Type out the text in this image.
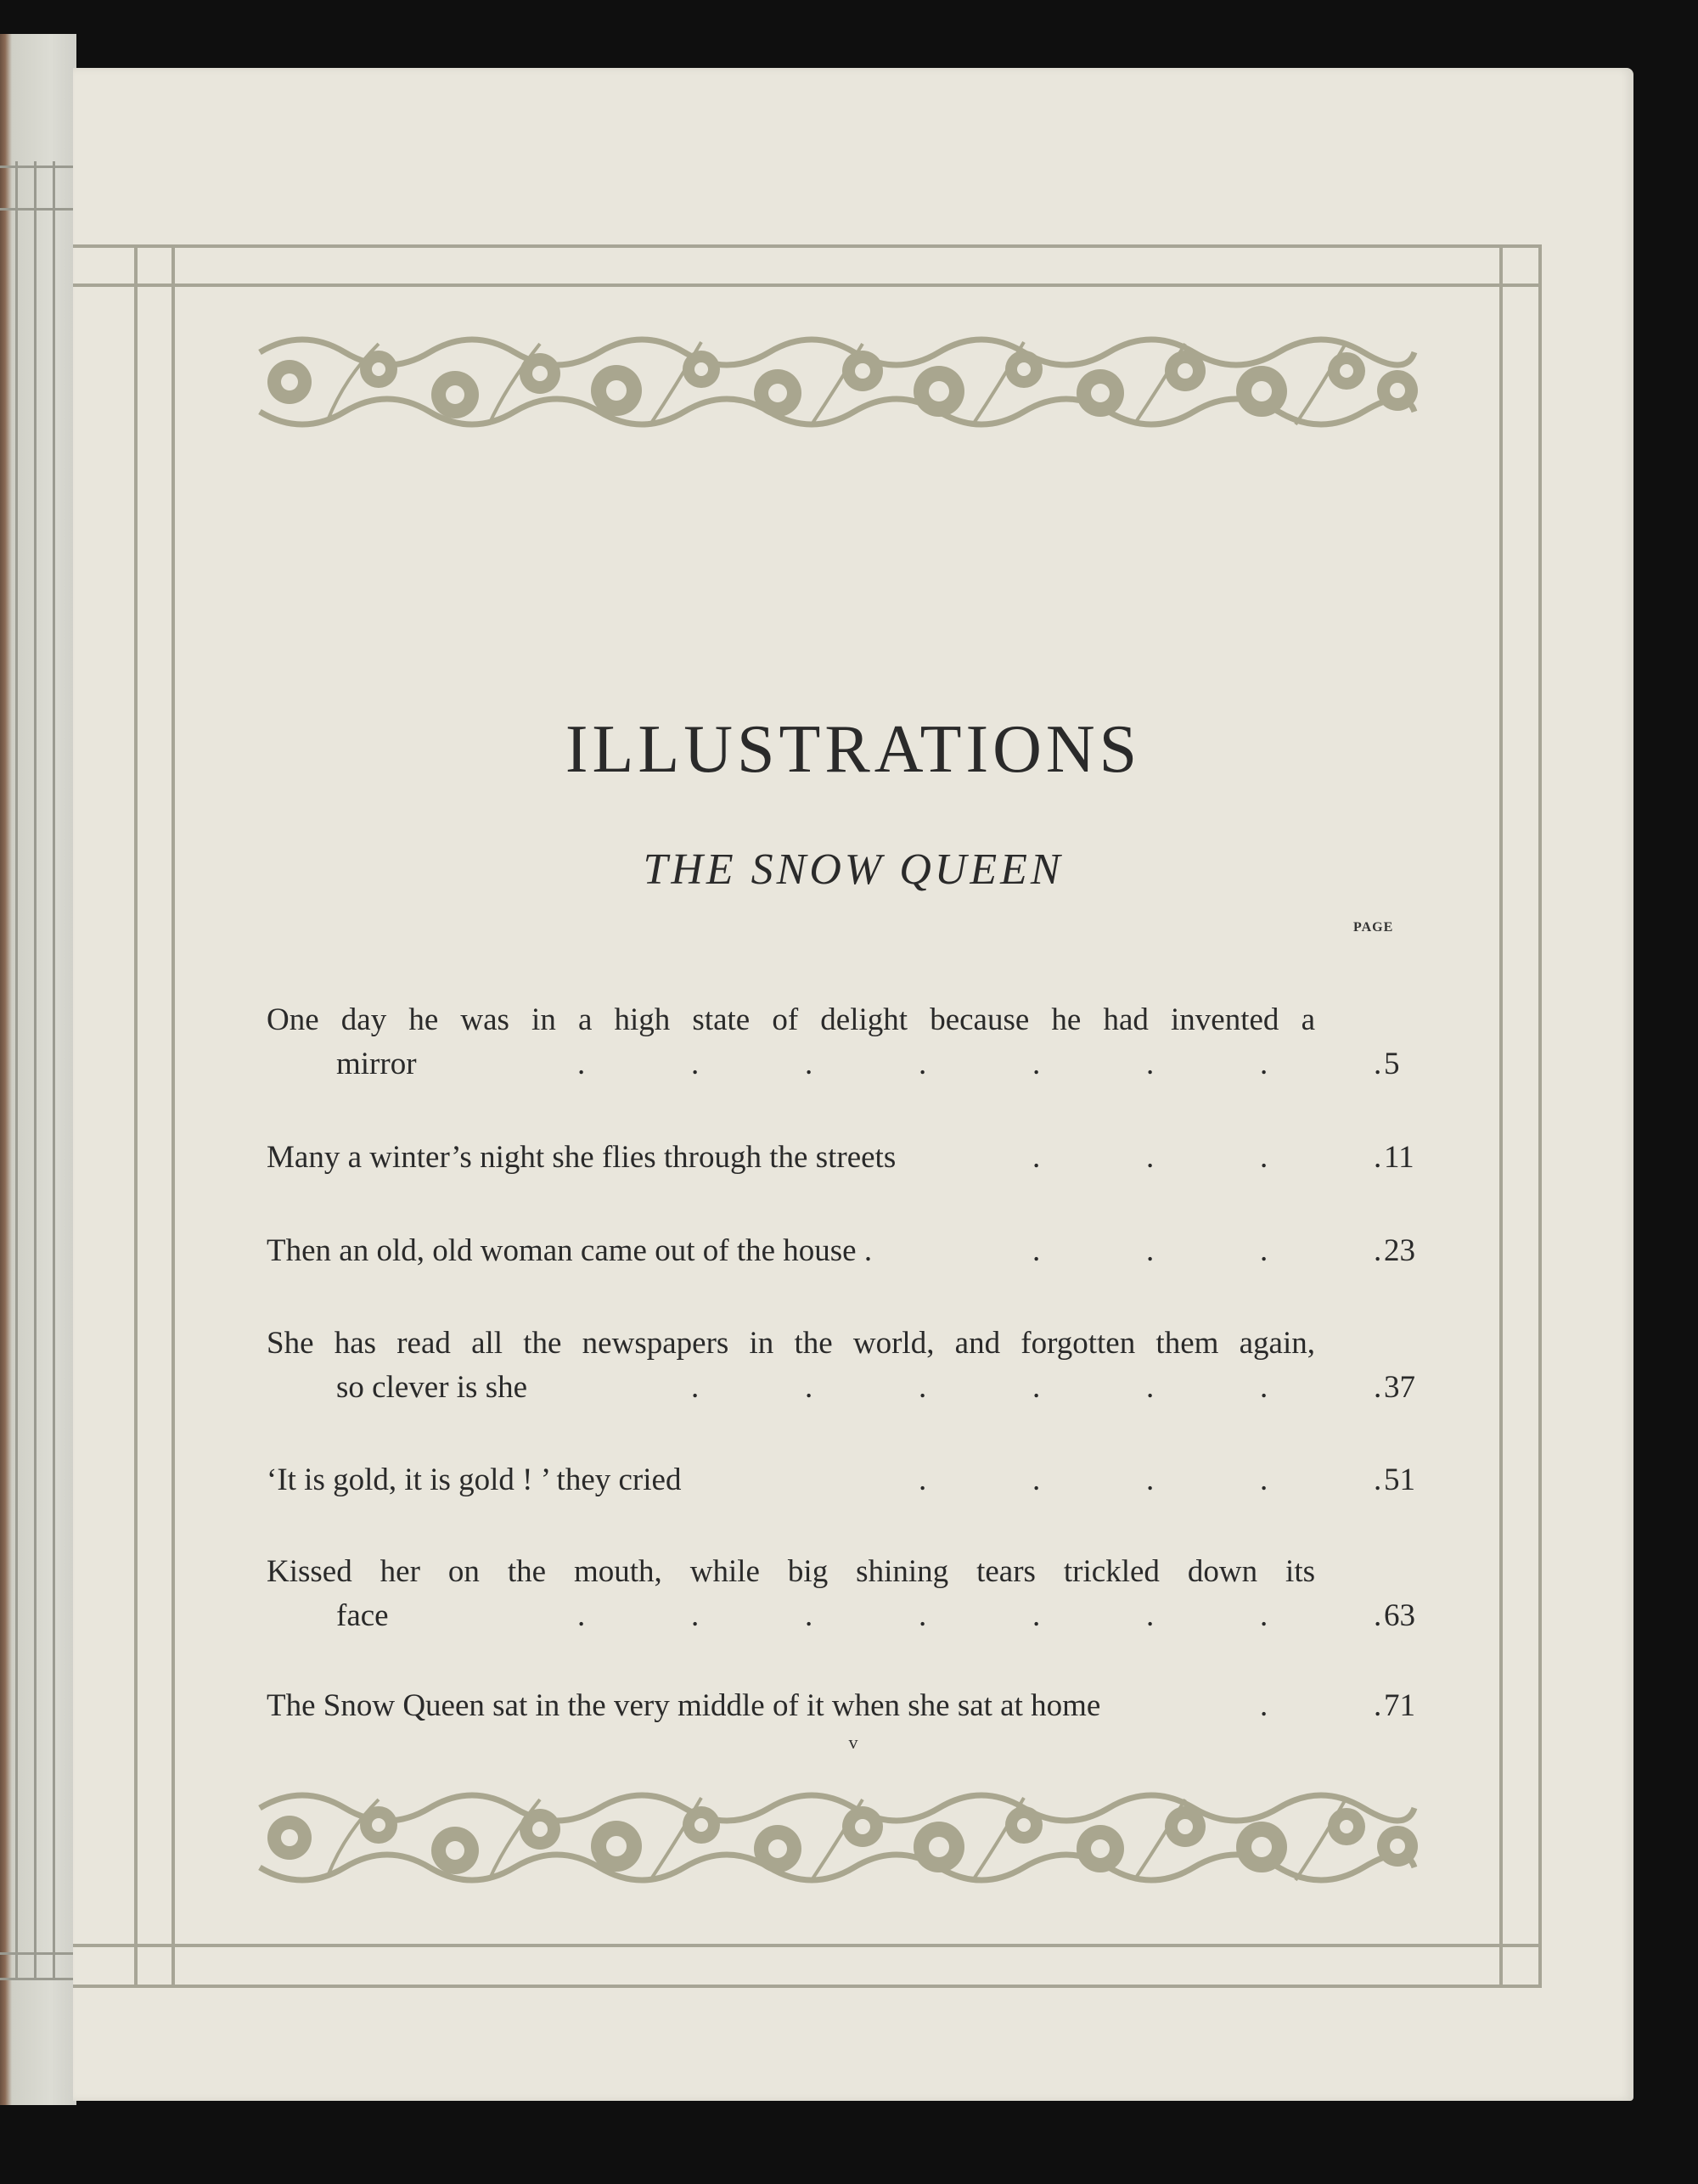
ILLUSTRATIONS
THE SNOW QUEEN
PAGE
One day he was in a high state of delight because he had invented a
mirror	.	.	.	.	.	.	.	. 5
Many a winter’s night she flies through the streets	.	.	.	. 11
Then an old, old woman came out of the house .	.	.	.	. 23
She has read all the newspapers in the world, and forgotten them again,
so clever is she	.	.	.	.	.	.	. 37
‘It is gold, it is gold ! ’ they cried	.	.	.	.	. 51
Kissed her on the mouth, while big shining tears trickled down its
face	.	.	.	.	.	.	.	. 63
The Snow Queen sat in the very middle of it when she sat at home	.	. 71
v
